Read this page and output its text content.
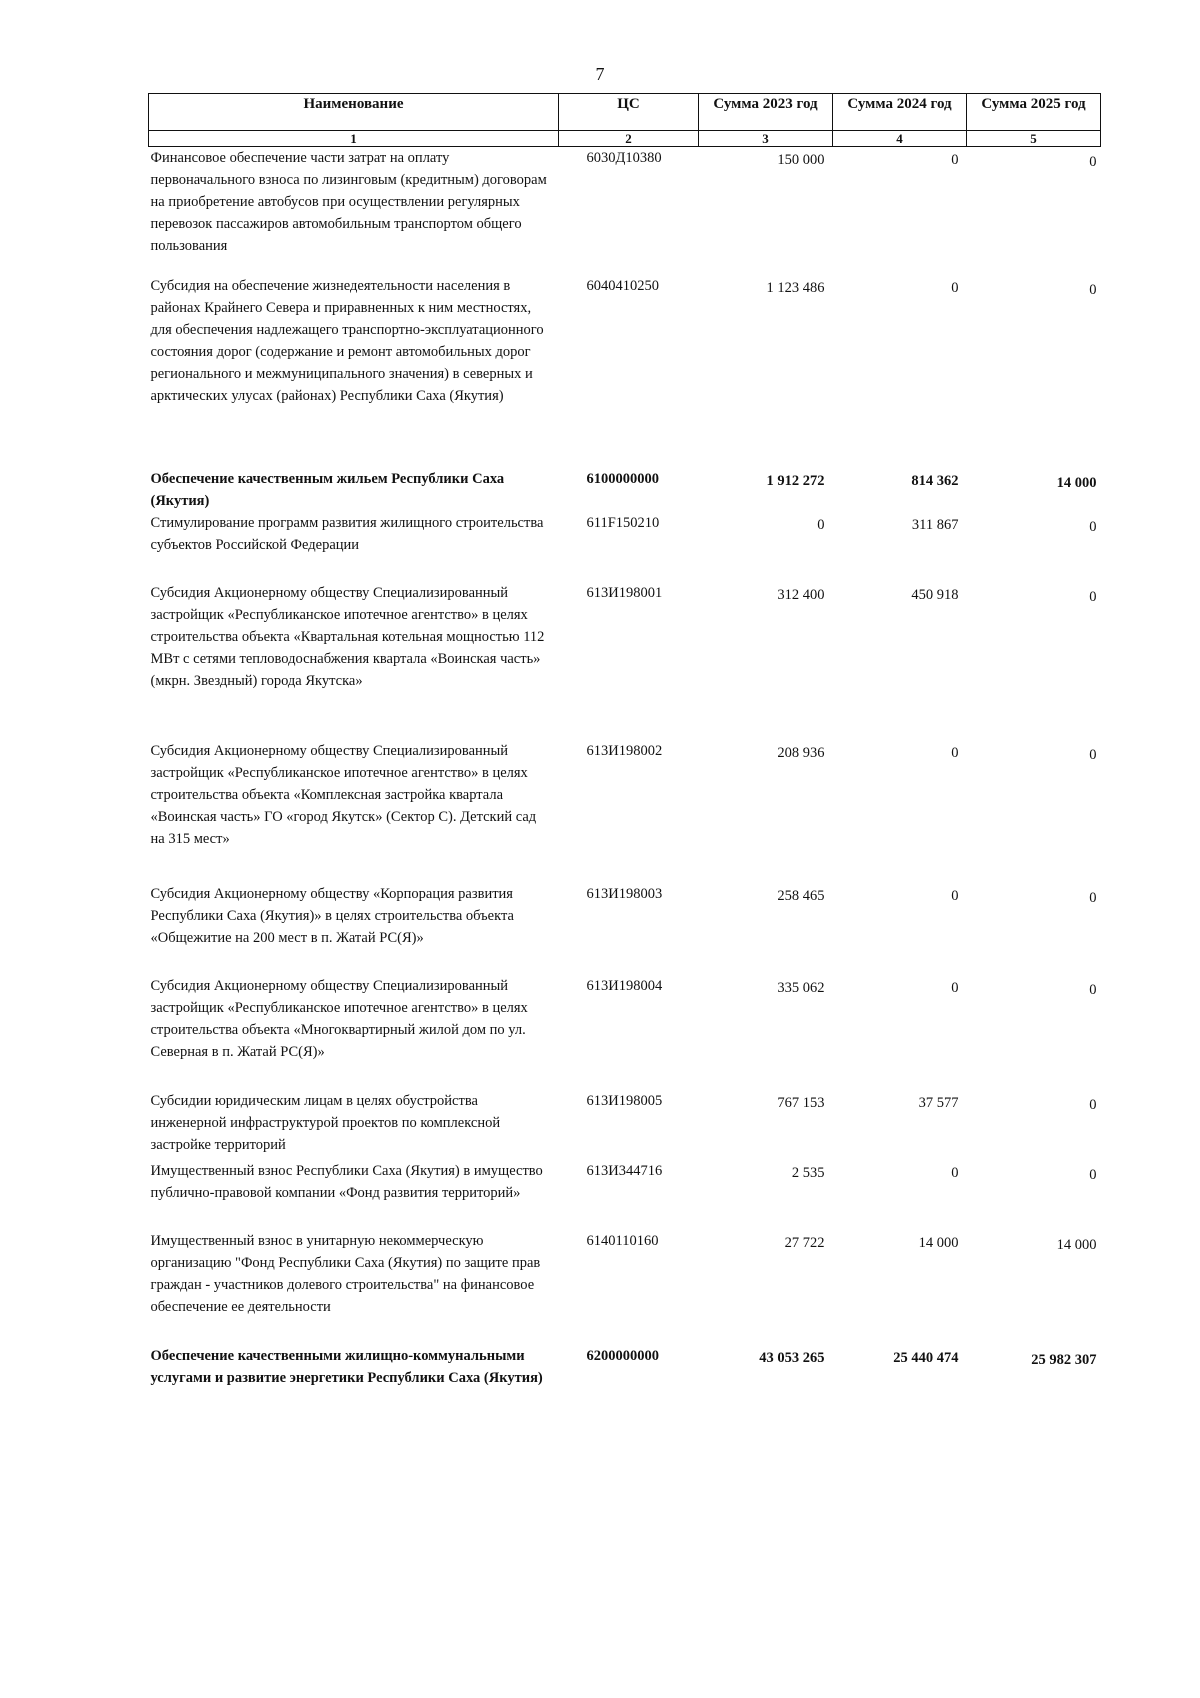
7
Наименование	ЦС	Сумма 2023 год	Сумма 2024 год	Сумма 2025 год
1	2	3	4	5
Финансовое обеспечение части затрат на оплату первоначального взноса по лизинговым (кредитным) договорам на приобретение автобусов при осуществлении регулярных перевозок пассажиров автомобильным транспортом общего пользования	6030Д10380	150 000	0	0
Субсидия на обеспечение жизнедеятельности населения в районах Крайнего Севера и приравненных к ним местностях, для обеспечения надлежащего транспортно-эксплуатационного состояния дорог (содержание и ремонт автомобильных дорог регионального и межмуниципального значения) в северных и арктических улусах (районах) Республики Саха (Якутия)	6040410250	1 123 486	0	0
Обеспечение качественным жильем Республики Саха (Якутия)	6100000000	1 912 272	814 362	14 000
Стимулирование программ развития жилищного строительства субъектов Российской Федерации	611F150210	0	311 867	0
Субсидия Акционерному обществу Специализированный застройщик «Республиканское ипотечное агентство» в целях строительства объекта «Квартальная котельная мощностью 112 МВт с сетями тепловодоснабжения квартала «Воинская часть» (мкрн. Звездный) города Якутска»	613И198001	312 400	450 918	0
Субсидия Акционерному обществу Специализированный застройщик «Республиканское ипотечное агентство» в целях строительства объекта «Комплексная застройка квартала «Воинская часть» ГО «город Якутск» (Сектор С). Детский сад на 315 мест»	613И198002	208 936	0	0
Субсидия Акционерному обществу «Корпорация развития Республики Саха (Якутия)» в целях строительства объекта «Общежитие на 200 мест в п. Жатай РС(Я)»	613И198003	258 465	0	0
Субсидия Акционерному обществу Специализированный застройщик «Республиканское ипотечное агентство» в целях строительства объекта «Многоквартирный жилой дом по ул. Северная в п. Жатай РС(Я)»	613И198004	335 062	0	0
Субсидии юридическим лицам в целях обустройства инженерной инфраструктурой проектов по комплексной застройке территорий	613И198005	767 153	37 577	0
Имущественный взнос Республики Саха (Якутия) в имущество публично-правовой компании «Фонд развития территорий»	613И344716	2 535	0	0
Имущественный взнос в унитарную некоммерческую организацию "Фонд Республики Саха (Якутия) по защите прав граждан - участников долевого строительства" на финансовое обеспечение ее деятельности	6140110160	27 722	14 000	14 000
Обеспечение качественными жилищно-коммунальными услугами и развитие энергетики Республики Саха (Якутия)	6200000000	43 053 265	25 440 474	25 982 307
